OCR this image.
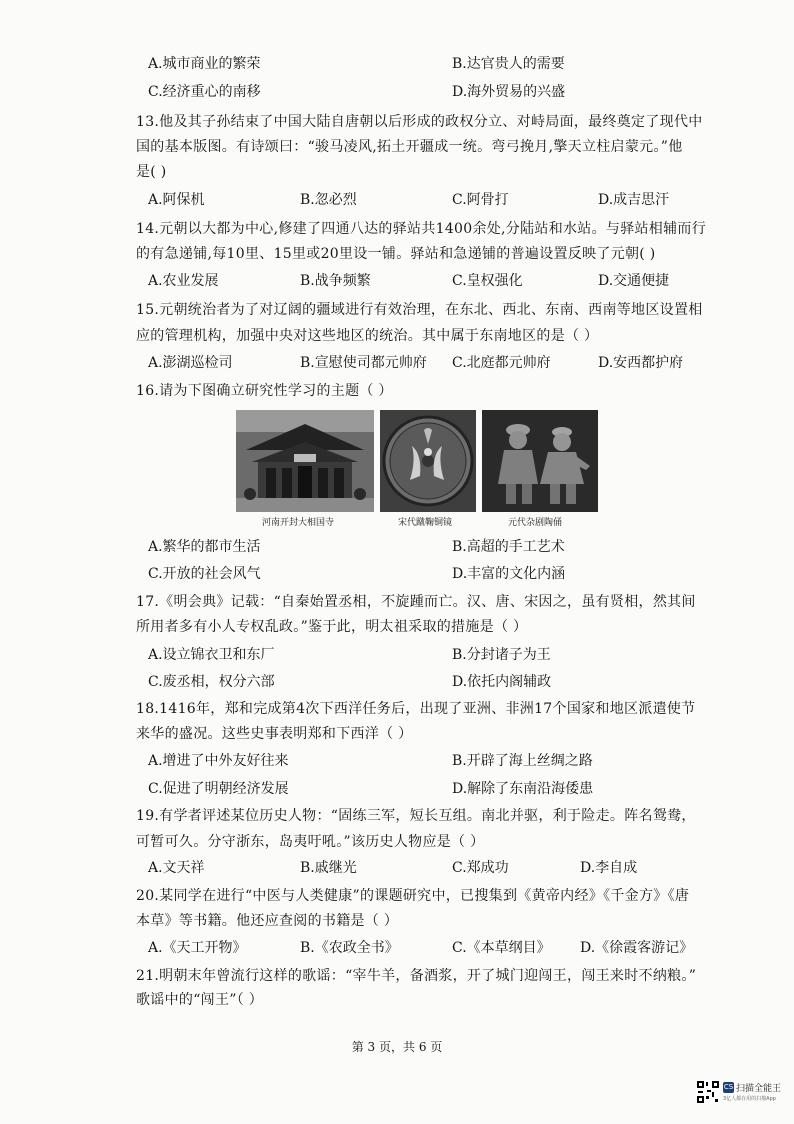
A.城市商业的繁荣	B.达官贵人的需要
C.经济重心的南移	D.海外贸易的兴盛
13.他及其子孙结束了中国大陆自唐朝以后形成的政权分立、对峙局面，最终奠定了现代中
国的基本版图。有诗颂曰：“骏马凌风,拓土开疆成一统。弯弓挽月,擎天立柱启蒙元。”他
是( )
A.阿保机	B.忽必烈	C.阿骨打	D.成吉思汗
14.元朝以大都为中心,修建了四通八达的驿站共1400余处,分陆站和水站。与驿站相辅而行
的有急递铺,每10里、15里或20里设一铺。驿站和急递铺的普遍设置反映了元朝( )
A.农业发展	B.战争频繁	C.皇权强化	D.交通便捷
15.元朝统治者为了对辽阔的疆域进行有效治理，在东北、西北、东南、西南等地区设置相
应的管理机构，加强中央对这些地区的统治。其中属于东南地区的是（ ）
A.澎湖巡检司	B.宣慰使司都元帅府 C.北庭都元帅府	D.安西都护府
16.请为下图确立研究性学习的主题（ ）
河南开封大相国寺	宋代蹴鞠铜镜	元代杂剧陶俑
A.繁华的都市生活	B.高超的手工艺术
C.开放的社会风气	D.丰富的文化内涵
17.《明会典》记载：“自秦始置丞相，不旋踵而亡。汉、唐、宋因之，虽有贤相，然其间
所用者多有小人专权乱政。”鉴于此，明太祖采取的措施是（ ）
A.设立锦衣卫和东厂	B.分封诸子为王
C.废丞相，权分六部	D.依托内阁辅政
18.1416年，郑和完成第4次下西洋任务后，出现了亚洲、非洲17个国家和地区派遣使节
来华的盛况。这些史事表明郑和下西洋（ ）
A.增进了中外友好往来	B.开辟了海上丝绸之路
C.促进了明朝经济发展	D.解除了东南沿海倭患
19.有学者评述某位历史人物：“固练三军，短长互组。南北并驱，利于险走。阵名鸳鸯，
可暂可久。分守浙东，岛夷吁吼。”该历史人物应是（ ）
A.文天祥	B.戚继光	C.郑成功	D.李自成
20.某同学在进行“中医与人类健康”的课题研究中，已搜集到《黄帝内经》《千金方》《唐
本草》等书籍。他还应查阅的书籍是（ ）
A.《天工开物》	B.《农政全书》	C.《本草纲目》 D.《徐霞客游记》
21.明朝末年曾流行这样的歌谣：“宰牛羊，备酒浆，开了城门迎闯王，闯王来时不纳粮。”
歌谣中的“闯王”（ ）
第 3 页，共 6 页
CS 扫描全能王
3亿人都在用的扫描App
